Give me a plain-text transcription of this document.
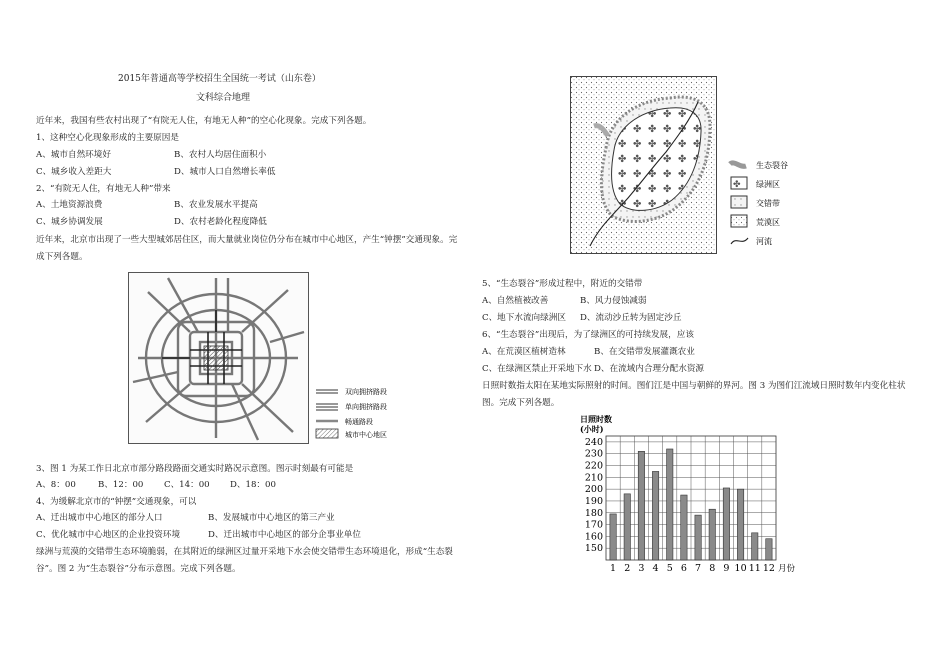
2015年普通高等学校招生全国统一考试（山东卷）
文科综合地理
近年来，我国有些农村出现了“有院无人住，有地无人种”的空心化现象。完成下列各题。
1、这种空心化现象形成的主要原因是
A、城市自然环境好	B、农村人均居住面积小
C、城乡收入差距大	D、城市人口自然增长率低
2、“有院无人住，有地无人种”带来
A、土地资源浪费	B、农业发展水平提高
C、城乡协调发展	D、农村老龄化程度降低
近年来，北京市出现了一些大型城郊居住区，而大量就业岗位仍分布在城市中心地区，产生“钟摆”交通现象。完
成下列各题。
双向拥挤路段
单向拥挤路段
畅通路段
城市中心地区
3、图 1 为某工作日北京市部分路段路面交通实时路况示意图。图示时刻最有可能是
A、8：00	B、12：00 C、14：00 D、18：00
4、为缓解北京市的“钟摆”交通现象，可以
A、迁出城市中心地区的部分人口	B、发展城市中心地区的第三产业
C、优化城市中心地区的企业投资环境	D、迁出城市中心地区的部分企事业单位
绿洲与荒漠的交错带生态环境脆弱，在其附近的绿洲区过量开采地下水会使交错带生态环境退化，形成“生态裂
谷”。图 2 为“生态裂谷”分布示意图。完成下列各题。
✤
生态裂谷
绿洲区
交错带
荒漠区
河流
5、“生态裂谷”形成过程中，附近的交错带
A、自然植被改善	B、风力侵蚀减弱
C、地下水流向绿洲区 D、流动沙丘转为固定沙丘
6、“生态裂谷”出现后，为了绿洲区的可持续发展，应该
A、在荒漠区植树造林	B、在交错带发展灌溉农业
C、在绿洲区禁止开采地下水 D、在流域内合理分配水资源
日照时数指太阳在某地实际照射的时间。图们江是中国与朝鲜的界河。图 3 为图们江流域日照时数年内变化柱状
图。完成下列各题。
日照时数
(小时)
150
160
170
180
190
200
210
220
230
240
1 2 3 4 5 6 7 8 9 10 11 12 月份
